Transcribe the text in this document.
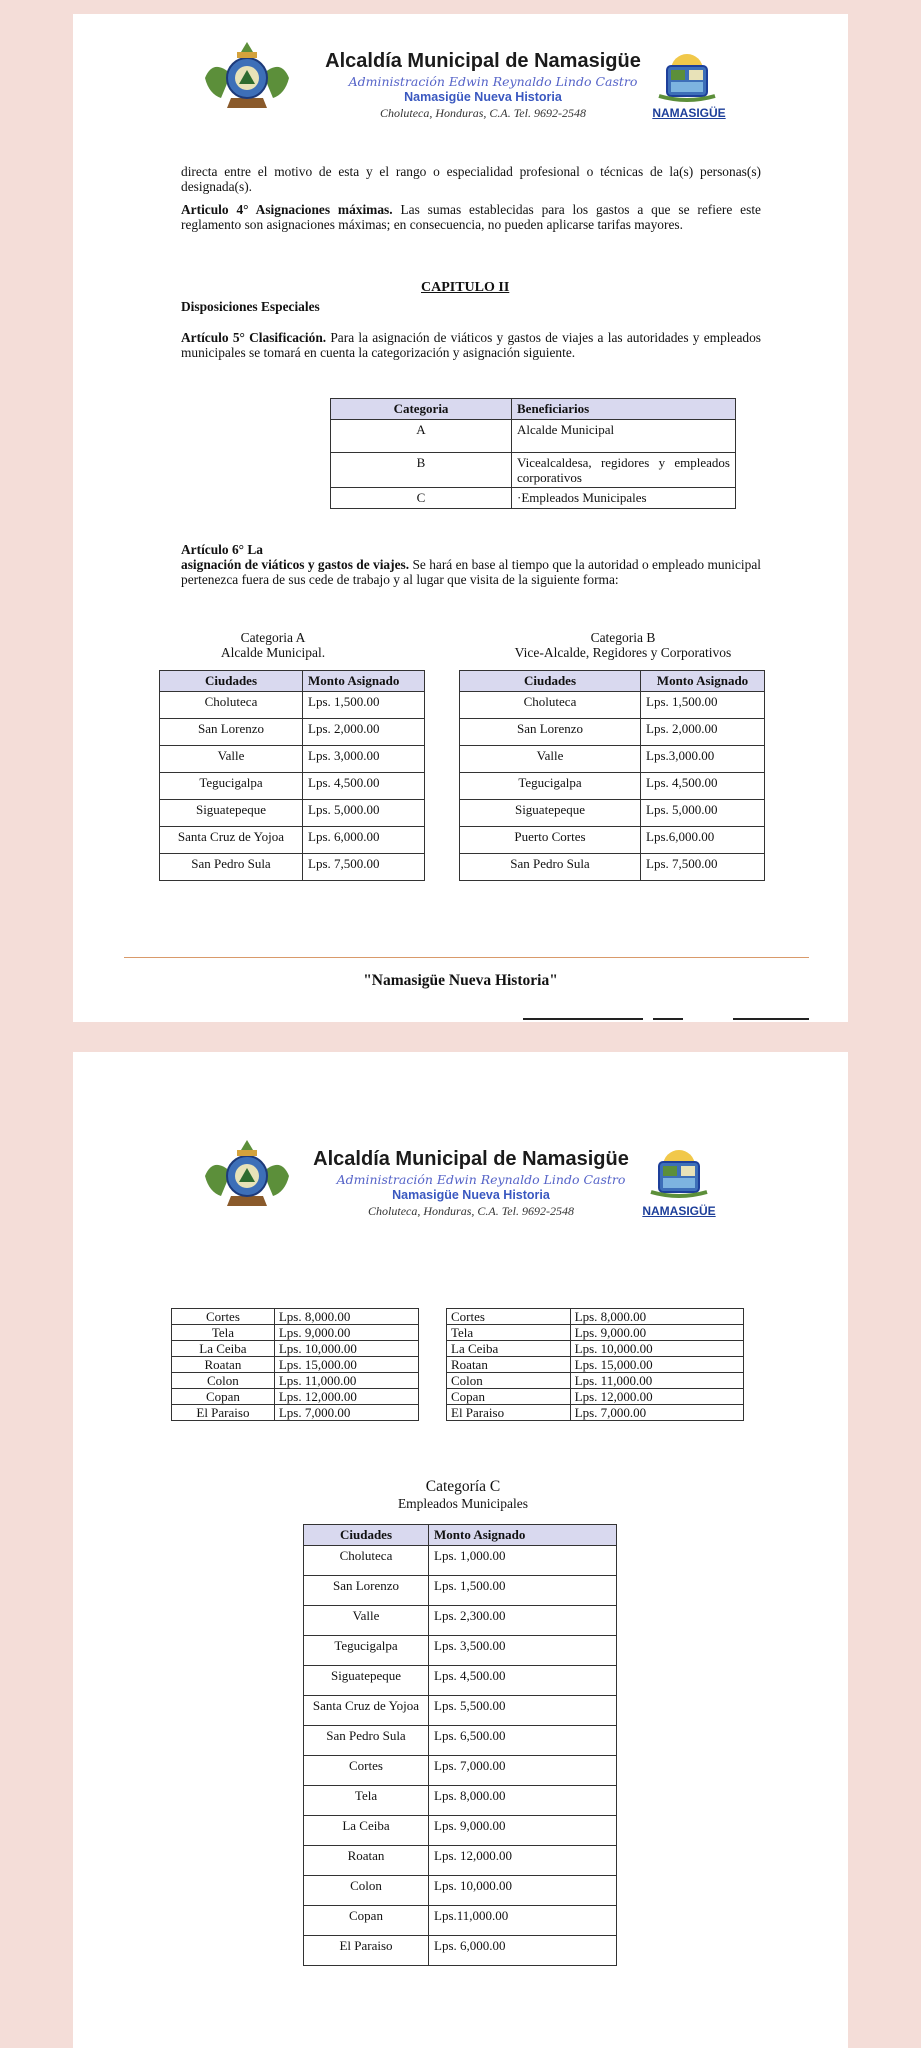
Alcaldía Municipal de Namasigüe
Administración Edwin Reynaldo Lindo Castro
Namasigüe Nueva Historia
Choluteca, Honduras, C.A. Tel. 9692-2548	NAMASIGÜE
directa entre el motivo de esta y el rango o especialidad profesional o técnicas de la(s) personas(s) designada(s).
Articulo 4° Asignaciones máximas. Las sumas establecidas para los gastos a que se refiere este reglamento son asignaciones máximas; en consecuencia, no pueden aplicarse tarifas mayores.
CAPITULO II
Disposiciones Especiales
Artículo 5° Clasificación. Para la asignación de viáticos y gastos de viajes a las autoridades y empleados municipales se tomará en cuenta la categorización y asignación siguiente.
Categoria	Beneficiarios
A	Alcalde Municipal
B	Vicealcaldesa, regidores y empleados corporativos
C	·Empleados Municipales
Artículo 6° La
asignación de viáticos y gastos de viajes. Se hará en base al tiempo que la autoridad o empleado municipal pertenezca fuera de sus cede de trabajo y al lugar que visita de la siguiente forma:
Categoria A
Alcalde Municipal.
Categoria B
Vice-Alcalde, Regidores y Corporativos
Ciudades	Monto Asignado
Choluteca	Lps. 1,500.00
San Lorenzo	Lps. 2,000.00
Valle	Lps. 3,000.00
Tegucigalpa	Lps. 4,500.00
Siguatepeque	Lps. 5,000.00
Santa Cruz de Yojoa	Lps. 6,000.00
San Pedro Sula	Lps. 7,500.00
Ciudades	Monto Asignado
Choluteca	Lps. 1,500.00
San Lorenzo	Lps. 2,000.00
Valle	Lps.3,000.00
Tegucigalpa	Lps. 4,500.00
Siguatepeque	Lps. 5,000.00
Puerto Cortes	Lps.6,000.00
San Pedro Sula	Lps. 7,500.00
"Namasigüe Nueva Historia"
Alcaldía Municipal de Namasigüe
Administración Edwin Reynaldo Lindo Castro
Namasigüe Nueva Historia
Choluteca, Honduras, C.A. Tel. 9692-2548	NAMASIGÜE
Cortes	Lps. 8,000.00
Tela	Lps. 9,000.00
La Ceiba	Lps. 10,000.00
Roatan	Lps. 15,000.00
Colon	Lps. 11,000.00
Copan	Lps. 12,000.00
El Paraiso	Lps. 7,000.00
Cortes	Lps. 8,000.00
Tela	Lps. 9,000.00
La Ceiba	Lps. 10,000.00
Roatan	Lps. 15,000.00
Colon	Lps. 11,000.00
Copan	Lps. 12,000.00
El Paraiso	Lps. 7,000.00
Categoría C
Empleados Municipales
Ciudades	Monto Asignado
Choluteca	Lps. 1,000.00
San Lorenzo	Lps. 1,500.00
Valle	Lps. 2,300.00
Tegucigalpa	Lps. 3,500.00
Siguatepeque	Lps. 4,500.00
Santa Cruz de Yojoa	Lps. 5,500.00
San Pedro Sula	Lps. 6,500.00
Cortes	Lps. 7,000.00
Tela	Lps. 8,000.00
La Ceiba	Lps. 9,000.00
Roatan	Lps. 12,000.00
Colon	Lps. 10,000.00
Copan	Lps.11,000.00
El Paraiso	Lps. 6,000.00
